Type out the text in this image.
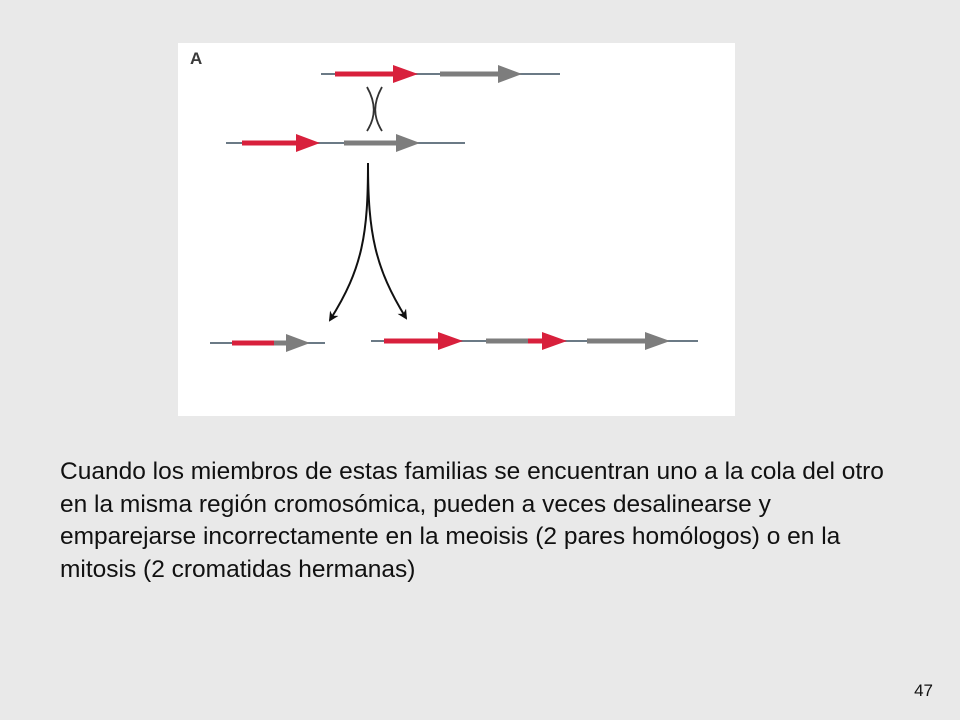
A

Cuando los miembros de estas familias se encuentran uno a la cola del otro en la misma región cromosómica, pueden a veces desalinearse y emparejarse incorrectamente en la meoisis (2 pares homólogos) o en la mitosis (2 cromatidas hermanas)

47
